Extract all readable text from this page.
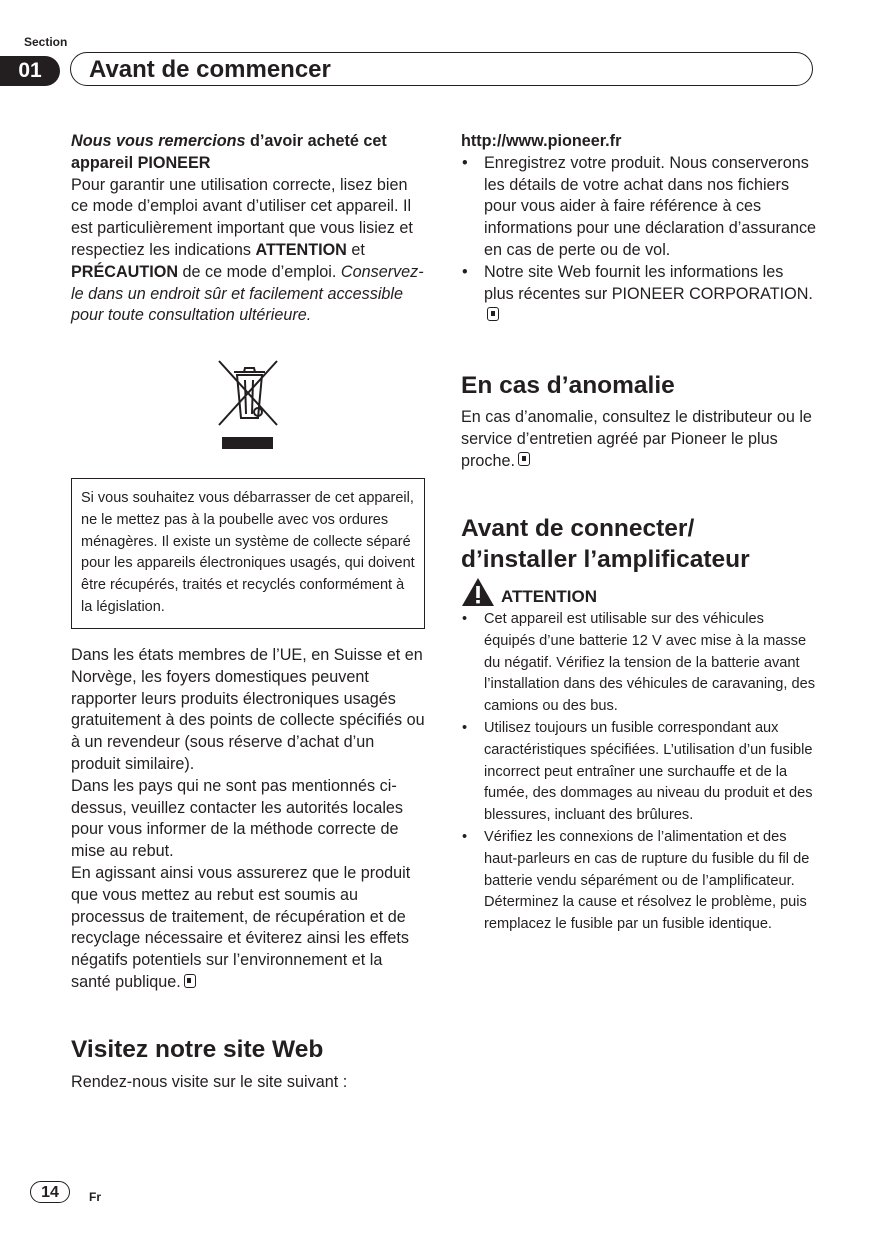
Section
01	Avant de commencer

Nous vous remercions d’avoir acheté cet
appareil PIONEER

Pour garantir une utilisation correcte, lisez bien ce mode d’emploi avant d’utiliser cet appareil. Il est particulièrement important que vous lisiez et respectiez les indications ATTENTION et PRÉCAUTION de ce mode d’emploi. Conservez-le dans un endroit sûr et facilement accessible pour toute consultation ultérieure.

Si vous souhaitez vous débarrasser de cet appareil, ne le mettez pas à la poubelle avec vos ordures ménagères. Il existe un système de collecte séparé pour les appareils électroniques usagés, qui doivent être récupérés, traités et recyclés conformément à la législation.

Dans les états membres de l’UE, en Suisse et en Norvège, les foyers domestiques peuvent rapporter leurs produits électroniques usagés gratuitement à des points de collecte spécifiés ou à un revendeur (sous réserve d’achat d’un produit similaire).

Dans les pays qui ne sont pas mentionnés ci-dessus, veuillez contacter les autorités locales pour vous informer de la méthode correcte de mise au rebut.

En agissant ainsi vous assurerez que le produit que vous mettez au rebut est soumis au processus de traitement, de récupération et de recyclage nécessaire et éviterez ainsi les effets négatifs potentiels sur l’environnement et la santé publique.

Visitez notre site Web
Rendez-nous visite sur le site suivant :
http://www.pioneer.fr
• Enregistrez votre produit. Nous conserverons les détails de votre achat dans nos fichiers pour vous aider à faire référence à ces informations pour une déclaration d’assurance en cas de perte ou de vol.
• Notre site Web fournit les informations les plus récentes sur PIONEER CORPORATION.
En cas d’anomalie

En cas d’anomalie, consultez le distributeur ou le service d’entretien agréé par Pioneer le plus proche.

Avant de connecter/
d’installer l’amplificateur
ATTENTION
• Cet appareil est utilisable sur des véhicules équipés d’une batterie 12 V avec mise à la masse du négatif. Vérifiez la tension de la batterie avant l’installation dans des véhicules de caravaning, des camions ou des bus.
• Utilisez toujours un fusible correspondant aux caractéristiques spécifiées. L’utilisation d’un fusible incorrect peut entraîner une surchauffe et de la fumée, des dommages au niveau du produit et des blessures, incluant des brûlures.
• Vérifiez les connexions de l’alimentation et des haut-parleurs en cas de rupture du fusible du fil de batterie vendu séparément ou de l’amplificateur. Déterminez la cause et résolvez le problème, puis remplacez le fusible par un fusible identique.
14	Fr
